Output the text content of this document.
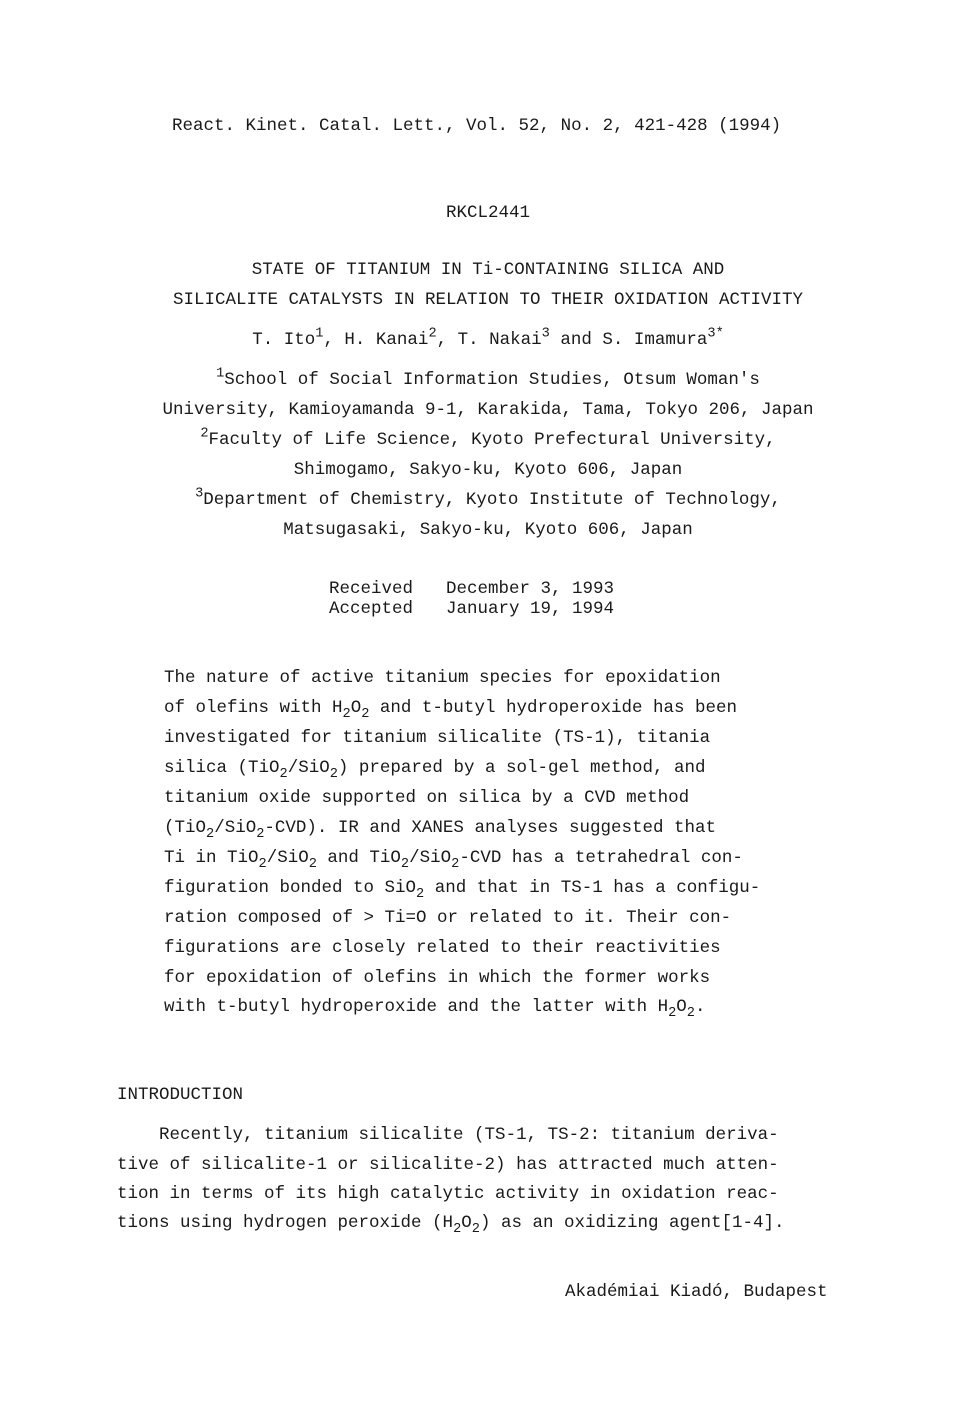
React. Kinet. Catal. Lett., Vol. 52, No. 2, 421-428 (1994)
RKCL2441
STATE OF TITANIUM IN Ti-CONTAINING SILICA AND
SILICALITE CATALYSTS IN RELATION TO THEIR OXIDATION ACTIVITY
T. Ito$^1$, H. Kanai$^2$, T. Nakai$^3$ and S. Imamura$^{3*}$
$^1$School of Social Information Studies, Otsum Woman's
University, Kamioyamanda 9-1, Karakida, Tama, Tokyo 206, Japan
$^2$Faculty of Life Science, Kyoto Prefectural University,
Shimogamo, Sakyo-ku, Kyoto 606, Japan
$^3$Department of Chemistry, Kyoto Institute of Technology,
Matsugasaki, Sakyo-ku, Kyoto 606, Japan
Received December 3, 1993
Accepted January 19, 1994
The nature of active titanium species for epoxidation
of olefins with $H_2O_2$ and t-butyl hydroperoxide has been
investigated for titanium silicalite (TS-1), titania
silica (TiO$_2$/SiO$_2$) prepared by a sol-gel method, and
titanium oxide supported on silica by a CVD method
(TiO$_2$/SiO$_2$-CVD). IR and XANES analyses suggested that
Ti in TiO$_2$/SiO$_2$ and TiO$_2$/SiO$_2$-CVD has a tetrahedral con-
figuration bonded to SiO$_2$ and that in TS-1 has a configu-
ration composed of > Ti=O or related to it. Their con-
figurations are closely related to their reactivities
for epoxidation of olefins in which the former works
with t-butyl hydroperoxide and the latter with $H_2O_2$.
INTRODUCTION
Recently, titanium silicalite (TS-1, TS-2: titanium deriva-
tive of silicalite-1 or silicalite-2) has attracted much atten-
tion in terms of its high catalytic activity in oxidation reac-
tions using hydrogen peroxide $(H_2O_2)$ as an oxidizing agent[1-4].
Akadémiai Kiadó, Budapest
